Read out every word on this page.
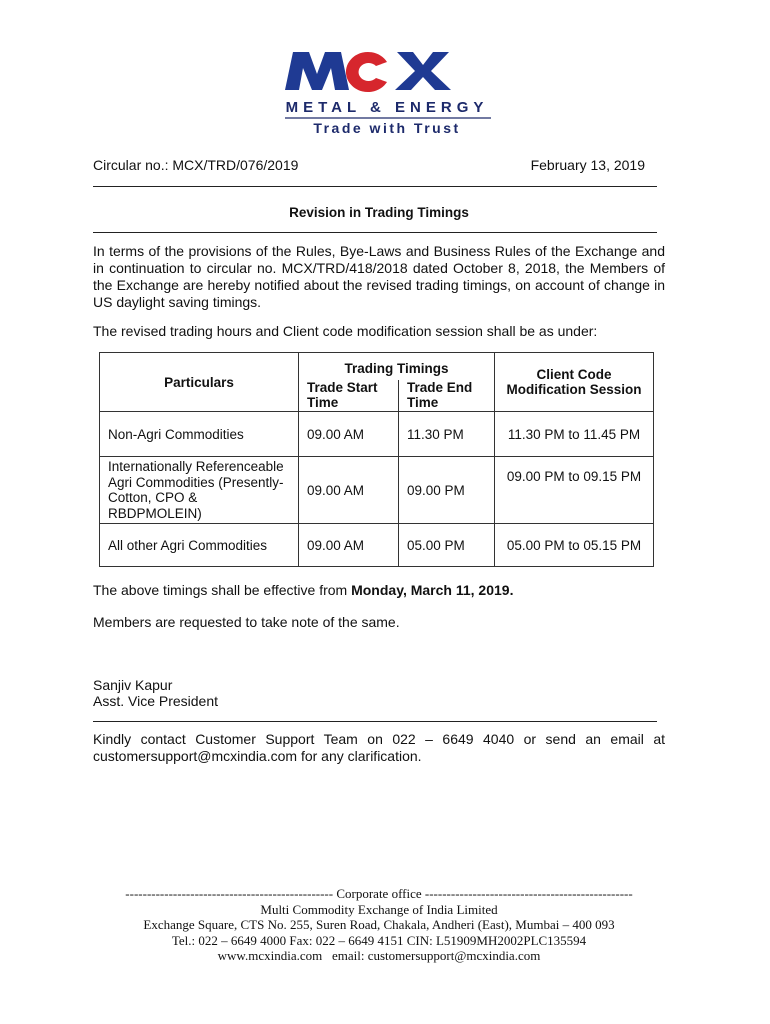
METAL & ENERGY
Trade with Trust
Circular no.: MCX/TRD/076/2019	February 13, 2019
Revision in Trading Timings
In terms of the provisions of the Rules, Bye-Laws and Business Rules of the Exchange and in continuation to circular no. MCX/TRD/418/2018 dated October 8, 2018, the Members of the Exchange are hereby notified about the revised trading timings, on account of change in US daylight saving timings.
The revised trading hours and Client code modification session shall be as under:
Particulars	Trading Timings		Client Code Modification Session
	Trade Start Time	Trade End Time	
Non-Agri Commodities	09.00 AM	11.30 PM	11.30 PM to 11.45 PM
Internationally Referenceable Agri Commodities (Presently- Cotton, CPO & RBDPMOLEIN)	09.00 AM	09.00 PM	09.00 PM to 09.15 PM
All other Agri Commodities	09.00 AM	05.00 PM	05.00 PM to 05.15 PM
The above timings shall be effective from Monday, March 11, 2019.
Members are requested to take note of the same.
Sanjiv Kapur
Asst. Vice President
Kindly contact Customer Support Team on 022 – 6649 4040 or send an email at customersupport@mcxindia.com for any clarification.
------------------------------------------------ Corporate office ------------------------------------------------
Multi Commodity Exchange of India Limited
Exchange Square, CTS No. 255, Suren Road, Chakala, Andheri (East), Mumbai – 400 093
Tel.: 022 – 6649 4000 Fax: 022 – 6649 4151 CIN: L51909MH2002PLC135594
www.mcxindia.com   email: customersupport@mcxindia.com
